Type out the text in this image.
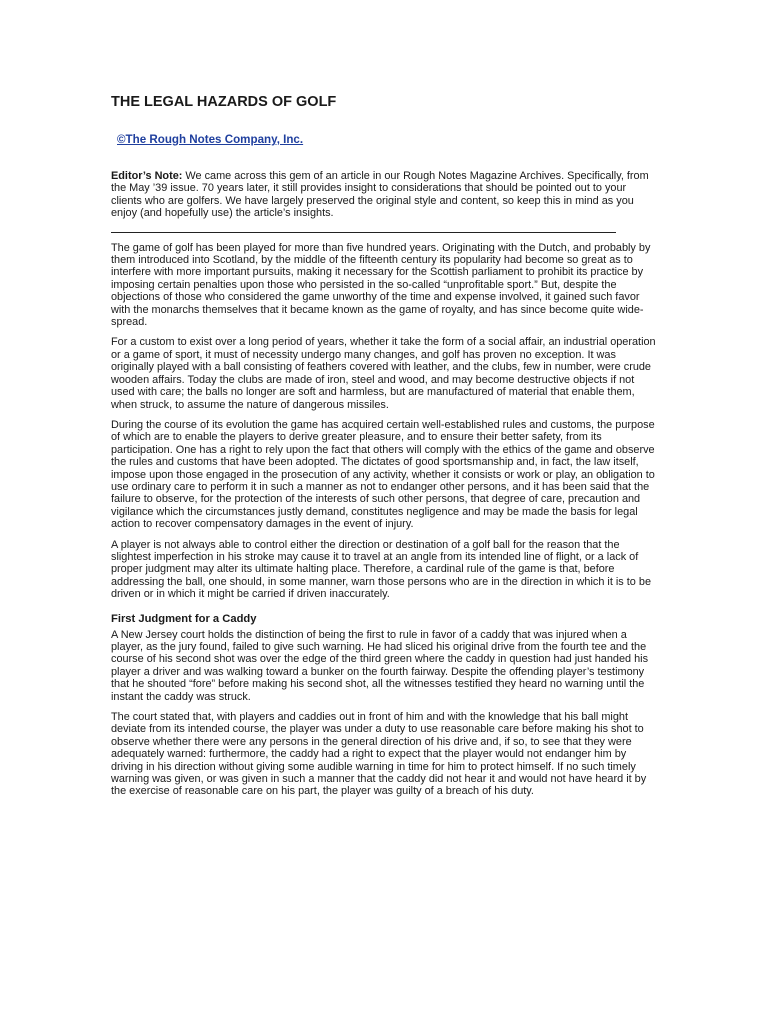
THE LEGAL HAZARDS OF GOLF
©The Rough Notes Company, Inc.
Editor’s Note: We came across this gem of an article in our Rough Notes Magazine Archives. Specifically, from the May ’39 issue. 70 years later, it still provides insight to considerations that should be pointed out to your clients who are golfers. We have largely preserved the original style and content, so keep this in mind as you enjoy (and hopefully use) the article’s insights.

The game of golf has been played for more than five hundred years. Originating with the Dutch, and probably by them introduced into Scotland, by the middle of the fifteenth century its popularity had become so great as to interfere with more important pursuits, making it necessary for the Scottish parliament to prohibit its practice by imposing certain penalties upon those who persisted in the so-called “unprofitable sport.” But, despite the objections of those who considered the game unworthy of the time and expense involved, it gained such favor with the monarchs themselves that it became known as the game of royalty, and has since become quite wide-spread.

For a custom to exist over a long period of years, whether it take the form of a social affair, an industrial operation or a game of sport, it must of necessity undergo many changes, and golf has proven no exception. It was originally played with a ball consisting of feathers covered with leather, and the clubs, few in number, were crude wooden affairs. Today the clubs are made of iron, steel and wood, and may become destructive objects if not used with care; the balls no longer are soft and harmless, but are manufactured of material that enable them, when struck, to assume the nature of dangerous missiles.

During the course of its evolution the game has acquired certain well-established rules and customs, the purpose of which are to enable the players to derive greater pleasure, and to ensure their better safety, from its participation. One has a right to rely upon the fact that others will comply with the ethics of the game and observe the rules and customs that have been adopted. The dictates of good sportsmanship and, in fact, the law itself, impose upon those engaged in the prosecution of any activity, whether it consists or work or play, an obligation to use ordinary care to perform it in such a manner as not to endanger other persons, and it has been said that the failure to observe, for the protection of the interests of such other persons, that degree of care, precaution and vigilance which the circumstances justly demand, constitutes negligence and may be made the basis for legal action to recover compensatory damages in the event of injury.

A player is not always able to control either the direction or destination of a golf ball for the reason that the slightest imperfection in his stroke may cause it to travel at an angle from its intended line of flight, or a lack of proper judgment may alter its ultimate halting place. Therefore, a cardinal rule of the game is that, before addressing the ball, one should, in some manner, warn those persons who are in the direction in which it is to be driven or in which it might be carried if driven inaccurately.

First Judgment for a Caddy

A New Jersey court holds the distinction of being the first to rule in favor of a caddy that was injured when a player, as the jury found, failed to give such warning. He had sliced his original drive from the fourth tee and the course of his second shot was over the edge of the third green where the caddy in question had just handed his player a driver and was walking toward a bunker on the fourth fairway. Despite the offending player’s testimony that he shouted “fore” before making his second shot, all the witnesses testified they heard no warning until the instant the caddy was struck.

The court stated that, with players and caddies out in front of him and with the knowledge that his ball might deviate from its intended course, the player was under a duty to use reasonable care before making his shot to observe whether there were any persons in the general direction of his drive and, if so, to see that they were adequately warned: furthermore, the caddy had a right to expect that the player would not endanger him by driving in his direction without giving some audible warning in time for him to protect himself. If no such timely warning was given, or was given in such a manner that the caddy did not hear it and would not have heard it by the exercise of reasonable care on his part, the player was guilty of a breach of his duty.
